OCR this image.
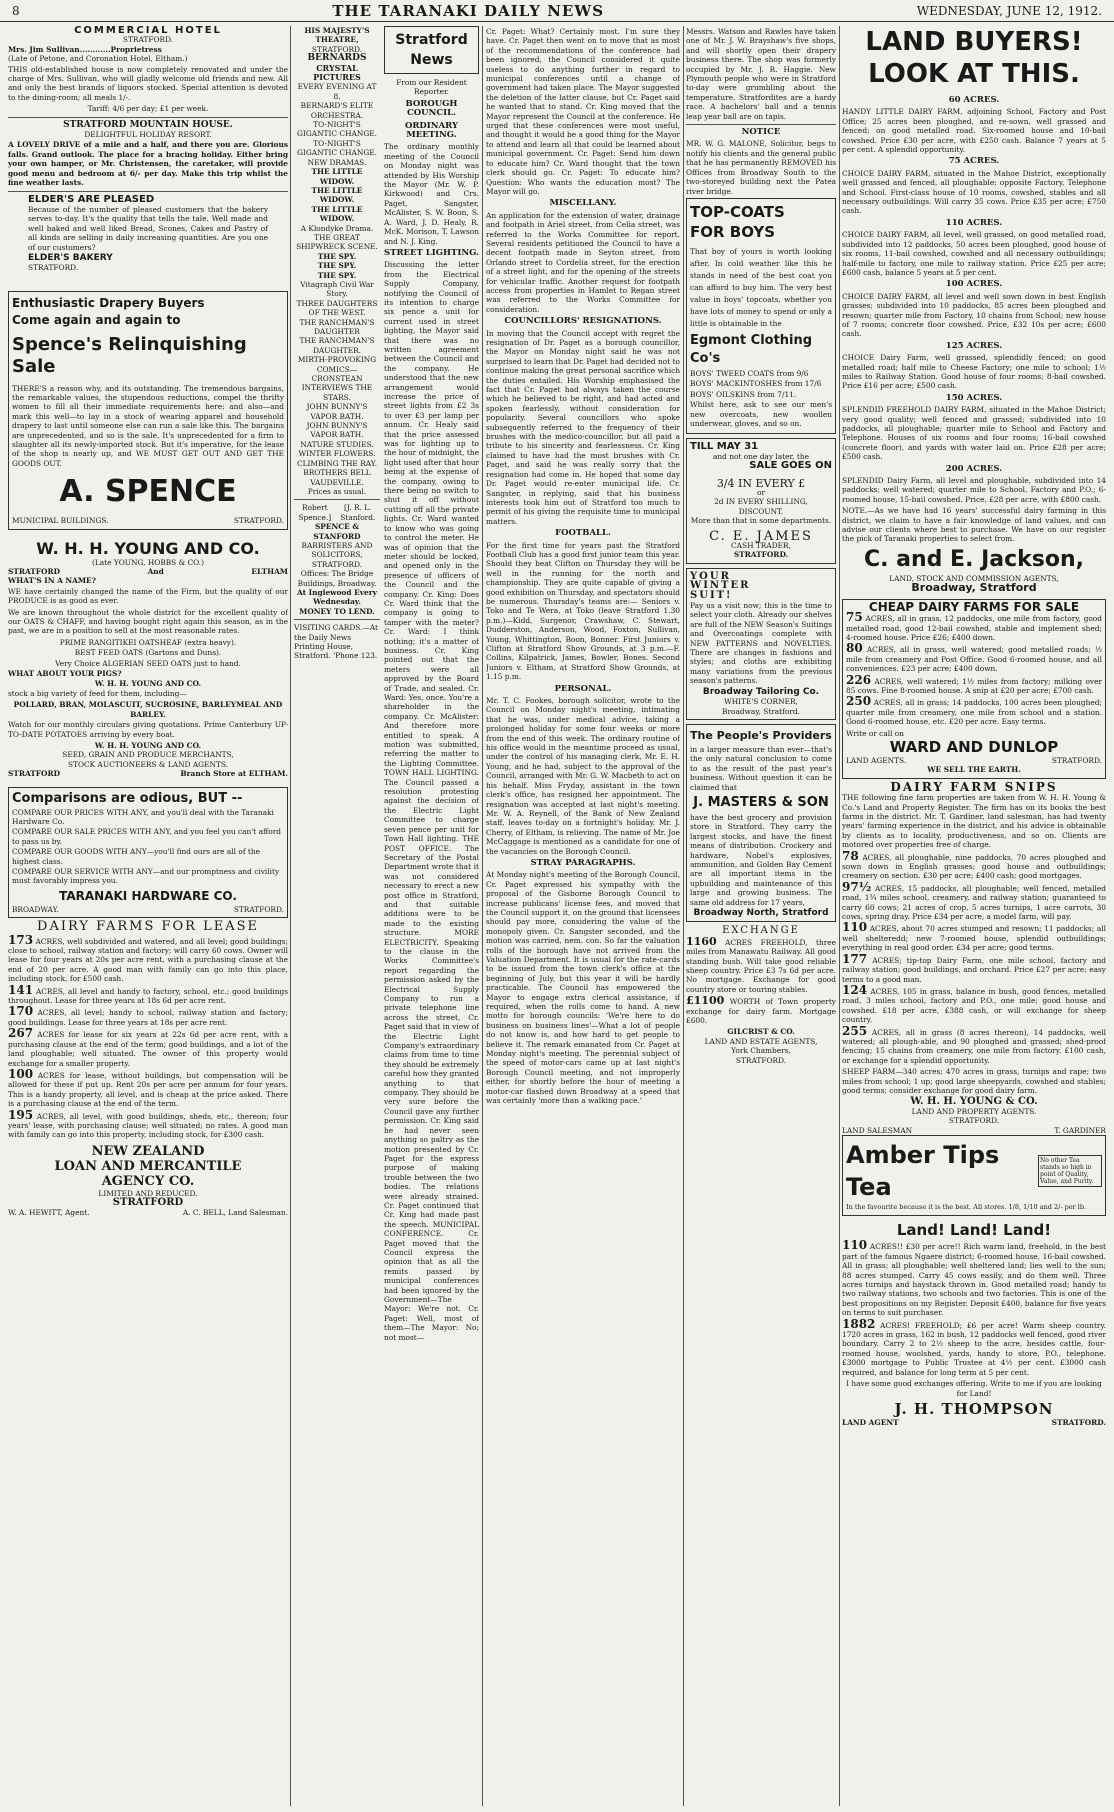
8	THE TARANAKI DAILY NEWS	WEDNESDAY, JUNE 12, 1912.
COMMERCIAL HOTEL
STRATFORD.
Mrs. Jim Sullivan............Proprietress
(Late of Petone, and Coronation Hotel, Eltham.)

THIS old-established house is now completely renovated and under the charge of Mrs. Sullivan, who will gladly welcome old friends and new. All and only the best brands of liquors stocked. Special attention is devoted to the dining-room; all meals 1/-.

Tariff: 4/6 per day; £1 per week.
STRATFORD MOUNTAIN HOUSE.
DELIGHTFUL HOLIDAY RESORT.

A LOVELY DRIVE of a mile and a half, and there you are. Glorious falls. Grand outlook. The place for a bracing holiday. Either bring your own hamper, or Mr. Christensen, the caretaker, will provide good menu and bedroom at 6/- per day. Make this trip whilst the fine weather lasts.

ELDER'S ARE PLEASED

Because of the number of pleased customers that the bakery serves to-day. It's the quality that tells the tale. Well made and well baked and well liked Bread, Scones, Cakes and Pastry of all kinds are selling in daily increasing quantities. Are you one of our customers?

ELDER'S BAKERY
STRATFORD.
Enthusiastic Drapery Buyers
Come again and again to
Spence's Relinquishing Sale

THERE'S a reason why, and its outstanding. The tremendous bargains, the remarkable values, the stupendous reductions, compel the thrifty women to fill all their immediate requirements here; and also—and mark this well—to lay in a stock of wearing apparel and household drapery to last until someone else can run a sale like this. The bargains are unprecedented, and so is the sale. It's unprecedented for a firm to slaughter all its newly-imported stock. But it's imperative, for the lease of the shop is nearly up, and WE MUST GET OUT AND GET THE GOODS OUT.

A. SPENCE
MUNICIPAL BUILDINGS.	STRATFORD.
W. H. H. YOUNG AND CO.
(Late YOUNG, HOBBS & CO.)
STRATFORD	And	ELTHAM
WHAT'S IN A NAME?

WE have certainly changed the name of the Firm, but the quality of our PRODUCE is as good as ever.

We are known throughout the whole district for the excellent quality of our OATS & CHAFF, and having bought right again this season, as in the past, we are in a position to sell at the most reasonable rates.

PRIME RANGITIKEI OATSHEAF (extra heavy).
BEST FEED OATS (Gartons and Duns).
Very Choice ALGERIAN SEED OATS just to hand.
WHAT ABOUT YOUR PIGS?
W. H. H. YOUNG AND CO.

stock a big variety of feed for them, including—

POLLARD, BRAN, MOLASCUIT, SUCROSINE, BARLEYMEAL AND BARLEY.

Watch for our monthly circulars giving quotations. Prime Canterbury UP-TO-DATE POTATOES arriving by every boat.

W. H. H. YOUNG AND CO.
SEED, GRAIN AND PRODUCE MERCHANTS,
STOCK AUCTIONEERS & LAND AGENTS.
STRATFORD	Branch Store at ELTHAM.
Comparisons are odious, BUT --
COMPARE OUR PRICES WITH ANY, and you'll deal with the Taranaki Hardware Co.
COMPARE OUR SALE PRICES WITH ANY, and you feel you can't afford to pass us by.
COMPARE OUR GOODS WITH ANY—you'll find ours are all of the highest class.
COMPARE OUR SERVICE WITH ANY—and our promptness and civility must favorably impress you.
TARANAKI HARDWARE CO.
BROADWAY.	STRATFORD.
DAIRY FARMS FOR LEASE

173 ACRES, well subdivided and watered, and all level; good buildings; close to school, railway station and factory; will carry 60 cows. Owner will lease for four years at 20s per acre rent, with a purchasing clause at the end of 20 per acre. A good man with family can go into this place, including stock, for £500 cash.

141 ACRES, all level and handy to factory, school, etc.; good buildings throughout. Lease for three years at 18s 6d per acre rent.

170 ACRES, all level; handy to school, railway station and factory; good buildings. Lease for three years at 18s per acre rent.

267 ACRES for lease for six years at 22s 6d per acre rent, with a purchasing clause at the end of the term; good buildings, and a lot of the land ploughable; well situated. The owner of this property would exchange for a smaller property.

100 ACRES for lease, without buildings, but compensation will be allowed for these if put up. Rent 20s per acre per annum for four years. This is a handy property, all level, and is cheap at the price asked. There is a purchasing clause at the end of the term.

195 ACRES, all level, with good buildings, sheds, etc., thereon; four years' lease, with purchasing clause; well situated; no rates. A good man with family can go into this property, including stock, for £300 cash.

NEW ZEALAND
LOAN AND MERCANTILE
AGENCY CO.
LIMITED AND REDUCED.
STRATFORD
W. A. HEWITT, Agent.	A. C. BELL, Land Salesman.
HIS MAJESTY'S THEATRE,
STRATFORD.
BERNARDS
CRYSTAL PICTURES
EVERY EVENING AT 8.
BERNARD'S ELITE ORCHESTRA.
TO-NIGHT'S GIGANTIC CHANGE.
TO-NIGHT'S GIGANTIC CHANGE.
NEW DRAMAS.
THE LITTLE WIDOW.
THE LITTLE WIDOW.
THE LITTLE WIDOW.
A Klondyke Drama.
THE GREAT SHIPWRECK SCENE.
THE SPY.
THE SPY.
THE SPY.
Vitagraph Civil War Story.
THREE DAUGHTERS OF THE WEST.
THE RANCHMAN'S DAUGHTER
THE RANCHMAN'S DAUGHTER.
MIRTH-PROVOKING COMICS—
CRONSTEAN INTERVIEWS THE STARS.
JOHN BUNNY'S VAPOR BATH.
JOHN BUNNY'S VAPOR BATH.
NATURE STUDIES.
WINTER FLOWERS.
CLIMBING THE RAY.
BROTHERS BELL VAUDEVILLE.
Prices as usual.
Robert Spence.]
[J. R. L. Stanford.
SPENCE & STANFORD
BARRISTERS AND SOLICITORS,
STRATFORD.
Offices: The Bridge Buildings, Broadway.
At Inglewood Every Wednesday.
MONEY TO LEND.
VISITING CARDS.—At the Daily News Printing House, Stratford. 'Phone 123.
Stratford News
From our Resident Reporter.
BOROUGH COUNCIL.
ORDINARY MEETING.

The ordinary monthly meeting of the Council on Monday night was attended by His Worship the Mayor (Mr. W. P. Kirkwood) and Crs. Paget, Sangster, McAlister, S. W. Boon, S. A. Ward, J. D. Healy, R. McK. Morison, T. Lawson and N. J. King.

STREET LIGHTING.

Discussing the letter from the Electrical Supply Company, notifying the Council of its intention to charge six pence a unit for current used in street lighting, the Mayor said that there was no written agreement between the Council and the company. He understood that the new arrangement would increase the price of street lights from £2 3s to over £3 per lamp per annum. Cr. Healy said that the price assessed was for lighting up to the hour of midnight, the light used after that hour being at the expense of the company, owing to there being no switch to shut it off without cutting off all the private lights. Cr. Ward wanted to know who was going to control the meter. He was of opinion that the meter should be locked, and opened only in the presence of officers of the Council and the company. Cr. King: Does Cr. Ward think that the company is going to tamper with the meter? Cr. Ward: I think nothing; it's a matter of business. Cr. King pointed out that the meters were all approved by the Board of Trade, and sealed. Cr. Ward: Yes, once. You're a shareholder in the company. Cr. McAlister: And therefore more entitled to speak. A motion was submitted, referring the matter to the Lighting Committee. TOWN HALL LIGHTING. The Council passed a resolution protesting against the decision of the Electric Light Committee to charge seven pence per unit for Town Hall lighting. THE POST OFFICE. The Secretary of the Postal Department wrote that it was not considered necessary to erect a new post office in Stratford, and that suitable additions were to be made to the existing structure. MORE ELECTRICITY. Speaking to the clause in the Works Committee's report regarding the permission asked by the Electrical Supply Company to run a private telephone line across the street, Cr. Paget said that in view of the Electric Light Company's extraordinary claims from time to time they should be extremely careful how they granted anything to that company. They should be very sure before the Council gave any further permission. Cr. King said he had never seen anything so paltry as the motion presented by Cr. Paget for the express purpose of making trouble between the two bodies. The relations were already strained. Cr. Paget continued that Cr. King had made past the speech. MUNICIPAL CONFERENCE. Cr. Paget moved that the Council express the opinion that as all the remits passed by municipal conferences had been ignored by the Government—The Mayor: We're not. Cr. Paget: Well, most of them—The Mayor: No; not most—

Cr. Paget: What? Certainly most. I'm sure they have. Cr. Paget then went on to move that as most of the recommendations of the conference had been ignored, the Council considered it quite useless to do anything further in regard to municipal conferences until a change of government had taken place. The Mayor suggested the deletion of the latter clause, but Cr. Paget said he wanted that to stand. Cr. King moved that the Mayor represent the Council at the conference. He urged that these conferences were most useful, and thought it would be a good thing for the Mayor to attend and learn all that could be learned about municipal government. Cr. Paget: Send him down to educate him? Cr. Ward thought that the town clerk should go. Cr. Paget: To educate him? Question: Who wants the education most? The Mayor will go.

MISCELLANY.

An application for the extension of water, drainage and footpath in Ariel street, from Celia street, was referred to the Works Committee for report. Several residents petitioned the Council to have a decent footpath made in Seyton street, from Orlando street to Cordelia street, for the erection of a street light, and for the opening of the streets for vehicular traffic. Another request for footpath access from properties in Hamlet to Regan street was referred to the Works Committee for consideration.

COUNCILLORS' RESIGNATIONS.

In moving that the Council accept with regret the resignation of Dr. Paget as a borough councillor, the Mayor on Monday night said he was not surprised to learn that Dr. Paget had decided not to continue making the great personal sacrifice which the duties entailed. His Worship emphasised the fact that Cr. Paget had always taken the course which he believed to be right, and had acted and spoken fearlessly, without consideration for popularity. Several councillors who spoke subsequently referred to the frequency of their brushes with the medico-councillor, but all paid a tribute to his sincerity and fearlessness. Cr. King claimed to have had the most brushes with Cr. Paget, and said he was really sorry that the resignation had come in. He hoped that some day Dr. Paget would re-enter municipal life. Cr. Sangster, in replying, said that his business interests took him out of Stratford too much to permit of his giving the requisite time to municipal matters.

FOOTBALL.

For the first time for years past the Stratford Football Club has a good first junior team this year. Should they beat Clifton on Thursday they will be well in the running for the north and championship. They are quite capable of giving a good exhibition on Thursday, and spectators should be numerous. Thursday's teams are:— Seniors v. Toko and Te Wera, at Toko (leave Stratford 1.30 p.m.)—Kidd, Surgenor, Crawshaw, C. Stewart, Dudderston, Anderson, Wood, Foxton, Sullivan, Young, Whittington, Boon, Bonner. First Juniors v. Clifton at Stratford Show Grounds, at 3 p.m.—F. Collins, Kilpatrick, James, Bowler, Bones. Second Juniors v. Eltham, at Stratford Show Grounds, at 1.15 p.m.

PERSONAL.

Mr. T. C. Fookes, borough solicitor, wrote to the Council on Monday night's meeting, intimating that he was, under medical advice, taking a prolonged holiday for some four weeks or more from the end of this week. The ordinary routine of his office would in the meantime proceed as usual, under the control of his managing clerk, Mr. E. H. Young, and he had, subject to the approval of the Council, arranged with Mr. G. W. Macbeth to act on his behalf. Miss Fryday, assistant in the town clerk's office, has resigned her appointment. The resignation was accepted at last night's meeting. Mr. W. A. Reynell, of the Bank of New Zealand staff, leaves to-day on a fortnight's holiday. Mr. J. Cherry, of Eltham, is relieving. The name of Mr. Joe McCaggage is mentioned as a candidate for one of the vacancies on the Borough Council.

STRAY PARAGRAPHS.

At Monday night's meeting of the Borough Council, Cr. Paget expressed his sympathy with the proposal of the Gisborne Borough Council to increase publicans' license fees, and moved that the Council support it, on the ground that licensees should pay more, considering the value of the monopoly given. Cr. Sangster seconded, and the motion was carried, nem. con. So far the valuation rolls of the borough have not arrived from the Valuation Department. It is usual for the rate-cards to be issued from the town clerk's office at the beginning of July, but this year it will be hardly practicable. The Council has empowered the Mayor to engage extra clerical assistance, if required, when the rolls come to hand. A new motto for borough councils: 'We're here to do business on business lines'—What a lot of people do not know is, and how hard to get people to believe it. The remark emanated from Cr. Paget at Monday night's meeting. The perennial subject of the speed of motor-cars came up at last night's Borough Council meeting, and not improperly either, for shortly before the hour of meeting a motor-car flashed down Broadway at a speed that was certainly 'more than a walking pace.'

Messrs. Watson and Rawles have taken one of Mr. J. W. Brayshaw's five shops, and will shortly open their drapery business there. The shop was formerly occupied by Mr. J. R. Haggie. New Plymouth people who were in Stratford to-day were grumbling about the temperature. Stratfordites are a hardy race. A bachelors' ball and a tennis leap year ball are on tapis.

NOTICE

MR. W. G. MALONE, Solicitor, begs to notify his clients and the general public that he has permanently REMOVED his Offices from Broadway South to the two-storeyed building next the Patea river bridge.

TOP-COATS
FOR BOYS

That boy of yours is worth looking after. In cold weather like this he stands in need of the best coat you can afford to buy him. The very best value in boys' topcoats, whether you have lots of money to spend or only a little is obtainable in the

Egmont Clothing Co's
BOYS' TWEED COATS from 9/6
BOYS' MACKINTOSHES from 17/6
BOYS' OILSKINS from 7/11.

Whilst here, ask to see our men's new overcoats, new woollen underwear, gloves, and so on.

TILL MAY 31
and not one day later, the
SALE GOES ON
3/4 IN EVERY £
or
2d IN EVERY SHILLING,
DISCOUNT.
More than that in some departments.
C. E. JAMES
CASH TRADER,
STRATFORD.
YOUR
WINTER
SUIT!

Pay us a visit now; this is the time to select your cloth. Already our shelves are full of the NEW Season's Suitings and Overcoatings complete with NEW PATTERNS and NOVELTIES. There are changes in fashions and styles; and cloths are exhibiting many variations from the previous season's patterns.

Broadway Tailoring Co.
WHITE'S CORNER,
Broadway, Stratford.
The People's Providers

in a larger measure than ever—that's the only natural conclusion to come to as the result of the past year's business. Without question it can be claimed that

J. MASTERS & SON

have the best grocery and provision store in Stratford. They carry the largest stocks, and have the finest means of distribution. Crockery and hardware, Nobel's explosives, ammunition, and Golden Bay Cement are all important items in the upbuilding and maintenance of this large and growing business. The same old address for 17 years,

Broadway North, Stratford
EXCHANGE

1160 ACRES FREEHOLD, three miles from Manawatu Railway. All good standing bush. Will take good reliable sheep country. Price £3 7s 6d per acre. No mortgage. Exchange for good country store or touring stables.

£1100 WORTH of Town property exchange for dairy farm. Mortgage £600.

GILCRIST & CO.
LAND AND ESTATE AGENTS,
York Chambers,
STRATFORD.
LAND BUYERS!
LOOK AT THIS.
60 ACRES.

HANDY LITTLE DAIRY FARM, adjoining School, Factory and Post Office; 25 acres been ploughed, and re-sown, well grassed and fenced; on good metalled road. Six-roomed house and 10-bail cowshed. Price £30 per acre, with £250 cash. Balance 7 years at 5 per cent. A splendid opportunity.

75 ACRES.

CHOICE DAIRY FARM, situated in the Mahoe District, exceptionally well grassed and fenced, all ploughable; opposite Factory, Telephone and School. First-class house of 10 rooms, cowshed, stables and all necessary outbuildings. Will carry 35 cows. Price £35 per acre; £750 cash.

110 ACRES.

CHOICE DAIRY FARM, all level, well grassed, on good metalled road, subdivided into 12 paddocks, 50 acres been ploughed, good house of six rooms, 11-bail cowshed, cowshed and all necessary outbuildings; half-mile to factory, one mile to railway station. Price £25 per acre; £600 cash, balance 5 years at 5 per cent.

100 ACRES.

CHOICE DAIRY FARM, all level and well sown down in best English grasses; subdivided into 10 paddocks, 85 acres been ploughed and resown; quarter mile from Factory, 10 chains from School; new house of 7 rooms; concrete floor cowshed. Price, £32 10s per acre; £600 cash.

125 ACRES.

CHOICE Dairy Farm, well grassed, splendidly fenced; on good metalled road; half mile to Cheese Factory; one mile to school; 1½ miles to Railway Station. Good house of four rooms; 8-bail cowshed. Price £16 per acre; £500 cash.

150 ACRES.

SPLENDID FREEHOLD DAIRY FARM, situated in the Mahoe District; very good quality; well fenced and grassed; subdivided into 10 paddocks, all ploughable; quarter mile to School and Factory and Telephone. Houses of six rooms and four rooms; 16-bail cowshed (concrete floor), and yards with water laid on. Price £28 per acre; £500 cash.

200 ACRES.

SPLENDID Dairy Farm, all level and ploughable, subdivided into 14 paddocks; well watered; quarter mile to School, Factory and P.O.; 6-roomed house, 15-bail cowshed. Price, £28 per acre, with £800 cash.

NOTE.—As we have had 16 years' successful dairy farming in this district, we claim to have a fair knowledge of land values, and can advise our clients where best to purchase. We have on our register the pick of Taranaki properties to select from.

C. and E. Jackson,
LAND, STOCK AND COMMISSION AGENTS,
Broadway, Stratford
CHEAP DAIRY FARMS FOR SALE

75 ACRES, all in grass, 12 paddocks, one mile from factory, good metalled road, good 12-bail cowshed, stable and implement shed; 4-roomed house. Price £26; £400 down.

80 ACRES, all in grass, well watered; good metalled roads; ½ mile from creamery and Post Office. Good 6-roomed house, and all conveniences. £23 per acre; £400 down.

226 ACRES, well watered; 1½ miles from factory; milking over 85 cows. Fine 8-roomed house. A snip at £20 per acre; £700 cash.

250 ACRES, all in grass; 14 paddocks, 100 acres been ploughed; quarter mile from creamery, one mile from school and a station. Good 6-roomed house, etc. £20 per acre. Easy terms.

Write or call on
WARD AND DUNLOP
LAND AGENTS.	STRATFORD.
WE SELL THE EARTH.
DAIRY FARM SNIPS

THE following fine farm properties are taken from W. H. H. Young & Co.'s Land and Property Register. The firm has on its books the best farms in the district. Mr. T. Gardiner, land salesman, has had twenty years' farming experience in the district, and his advice is obtainable by clients as to locality, productiveness, and so on. Clients are motored over properties free of charge.

78 ACRES, all ploughable, nine paddocks, 70 acres ploughed and sown down in English grasses; good house and outbuildings; creamery on section. £30 per acre; £400 cash; good mortgages.

97½ ACRES, 15 paddocks, all ploughable; well fenced, metalled road, 1¾ miles school, creamery, and railway station; guaranteed to carry 60 cows; 21 acres of crop, 5 acres turnips, 1 acre carrots, 30 cows, spring dray. Price £34 per acre, a model farm, will pay.

110 ACRES, about 70 acres stumped and resown; 11 paddocks; all well shelteredd; new 7-roomed house, splendid outbuildings; everything in real good order. £34 per acre; good terms.

177 ACRES; tip-top Dairy Farm, one mile school, factory and railway station; good buildings, and orchard. Price £27 per acre; easy terms to a good man.

124 ACRES, 105 in grass, balance in bush, good fences, metalled road, 3 miles school, factory and P.O., one mile; good house and cowshed. £18 per acre, £388 cash, or will exchange for sheep country.

255 ACRES, all in grass (8 acres thereon), 14 paddocks, well watered; all plough-able, and 90 ploughed and grassed; shed-proof fencing; 15 chains from creamery, one mile from factory. £100 cash, or exchange for a splendid opportunity.

SHEEP FARM—340 acres; 470 acres in grass, turnips and rape; two miles from school; 1 up; good large sheepyards, cowshed and stables; good terms; consider exchange for good dairy farm.

W. H. H. YOUNG & CO.
LAND AND PROPERTY AGENTS.
STRATFORD.
LAND SALESMAN	T. GARDINER
Amber Tips Tea
No other Tea stands so high in point of Quality, Value, and Purity.
In the favourite because it is the best. All stores. 1/8, 1/10 and 2/- per lb.
Land! Land! Land!

110 ACRES!! £30 per acre!! Rich warm land, freehold, in the best part of the famous Ngaere district; 6-roomed house, 16-bail cowshed. All in grass; all ploughable; well sheltered land; lies well to the sun; 88 acres stumped. Carry 45 cows easily, and do them well. Three acres turnips and haystack thrown in. Good metalled road; handy to two railway stations, two schools and two factories. This is one of the best propositions on my Register. Deposit £400, balance for five years on terms to suit purchaser.

1882 ACRES! FREEHOLD; £6 per acre! Warm sheep country. 1720 acres in grass, 162 in bush, 12 paddocks well fenced, good river boundary. Carry 2 to 2½ sheep to the acre, besides cattle, four-roomed house, woolshed, yards, handy to store, P.O., telephone. £3000 mortgage to Public Trustee at 4½ per cent. £3000 cash required, and balance for long term at 5 per cent.

I have some good exchanges offering. Write to me if you are looking for Land!

J. H. THOMPSON
LAND AGENT	STRATFORD.
